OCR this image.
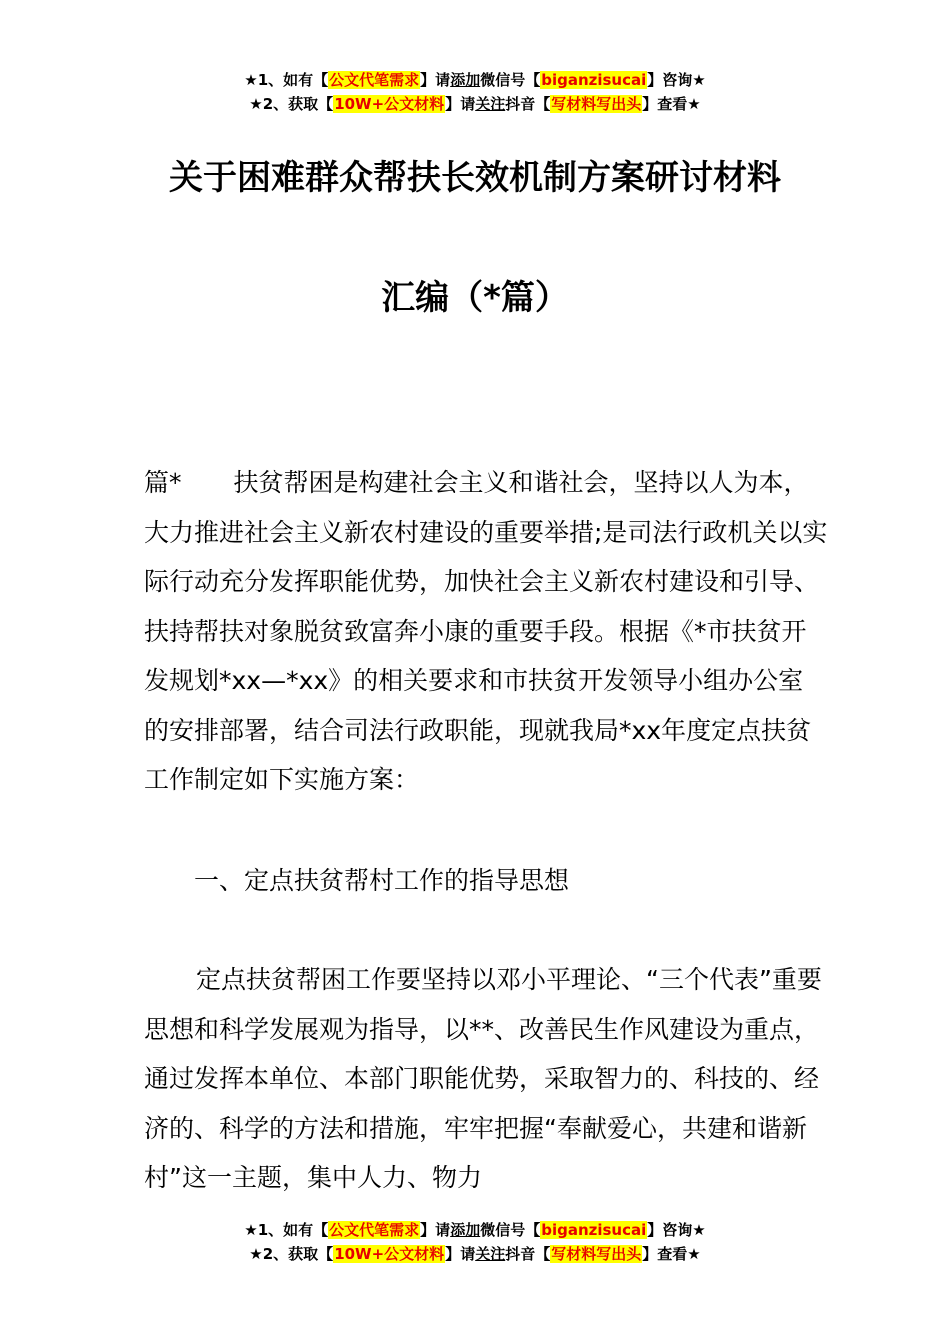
★1、如有【公文代笔需求】请添加微信号【biganzisucai】咨询★
★2、获取【10W+公文材料】请关注抖音【写材料写出头】查看★
关于困难群众帮扶长效机制方案研讨材料
汇编（*篇）
篇* 扶贫帮困是构建社会主义和谐社会，坚持以人为本，大力推进社会主义新农村建设的重要举措;是司法行政机关以实际行动充分发挥职能优势，加快社会主义新农村建设和引导、扶持帮扶对象脱贫致富奔小康的重要手段。根据《*市扶贫开发规划*xx—*xx》的相关要求和市扶贫开发领导小组办公室的安排部署，结合司法行政职能，现就我局*xx年度定点扶贫工作制定如下实施方案：
一、定点扶贫帮村工作的指导思想
定点扶贫帮困工作要坚持以邓小平理论、“三个代表”重要思想和科学发展观为指导，以**、改善民生作风建设为重点，通过发挥本单位、本部门职能优势，采取智力的、科技的、经济的、科学的方法和措施，牢牢把握“奉献爱心，共建和谐新村”这一主题，集中人力、物力
★1、如有【公文代笔需求】请添加微信号【biganzisucai】咨询★
★2、获取【10W+公文材料】请关注抖音【写材料写出头】查看★
